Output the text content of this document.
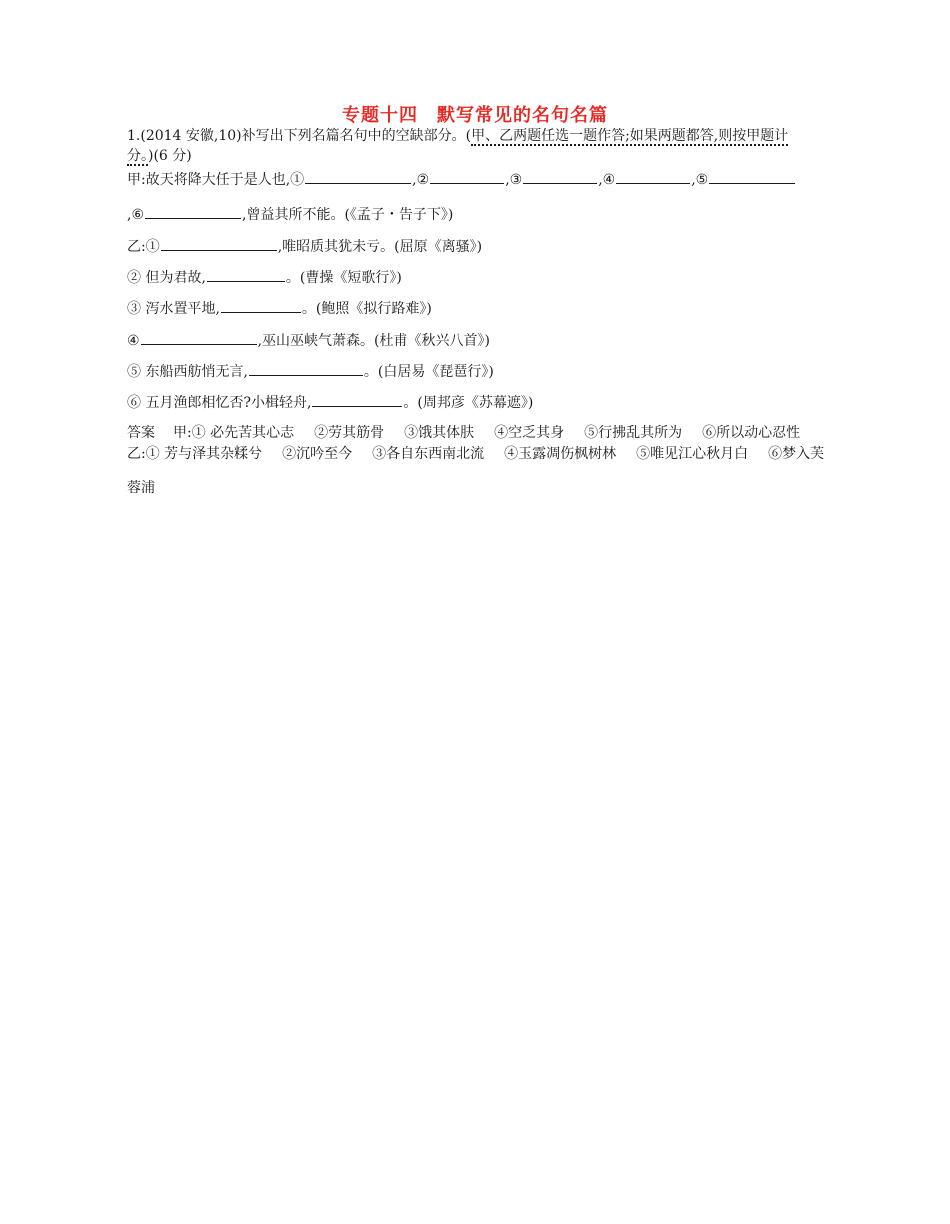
专题十四　默写常见的名句名篇
1.(2014 安徽,10)补写出下列名篇名句中的空缺部分。(甲、乙两题任选一题作答;如果两题都答,则按甲题计
分。)(6 分)
甲:故天将降大任于是人也,①	,②	,③	,④	,⑤
,⑥	,曾益其所不能。(《孟子・告子下》)
乙:①	,唯昭质其犹未亏。(屈原《离骚》)
② 但为君故,	。(曹操《短歌行》)
③ 泻水置平地,	。(鲍照《拟行路难》)
④	,巫山巫峡气萧森。(杜甫《秋兴八首》)
⑤ 东船西舫悄无言,	。(白居易《琵琶行》)
⑥ 五月渔郎相忆否?小楫轻舟,	。(周邦彦《苏幕遮》)
答案 甲:① 必先苦其心志 ②劳其筋骨 ③饿其体肤 ④空乏其身 ⑤行拂乱其所为 ⑥所以动心忍性
乙:① 芳与泽其杂糅兮 ②沉吟至今 ③各自东西南北流 ④玉露凋伤枫树林 ⑤唯见江心秋月白 ⑥梦入芙
蓉浦
